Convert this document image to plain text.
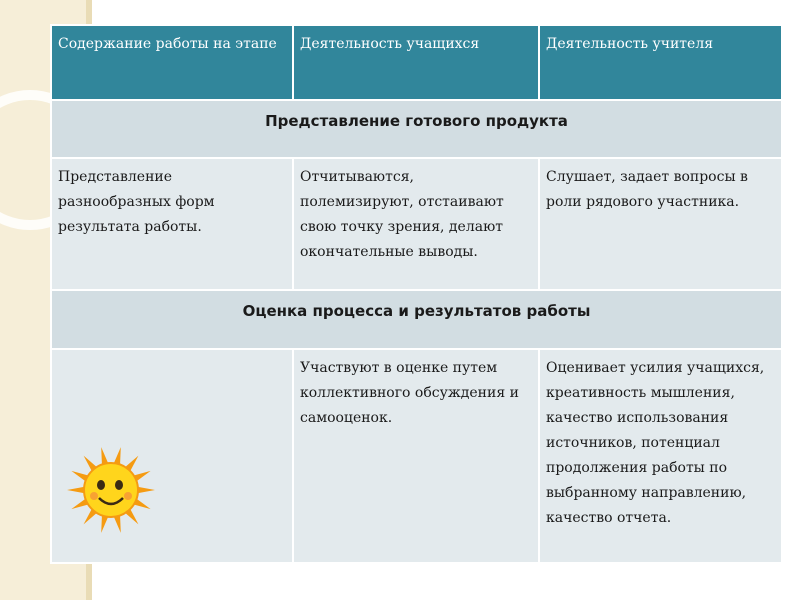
Содержание работы на этапе	Деятельность учащихся	Деятельность учителя
Представление готового продукта		
Представление разнообразных форм результата работы.	Отчитываются, полемизируют, отстаивают свою точку зрения, делают окончательные выводы.	Слушает, задает вопросы в роли рядового участника.
Оценка процесса и результатов работы		
	Участвуют в оценке путем коллективного обсуждения и самооценок.	Оценивает усилия учащихся, креативность мышления, качество использования источников, потенциал продолжения работы по выбранному направлению, качество отчета.
